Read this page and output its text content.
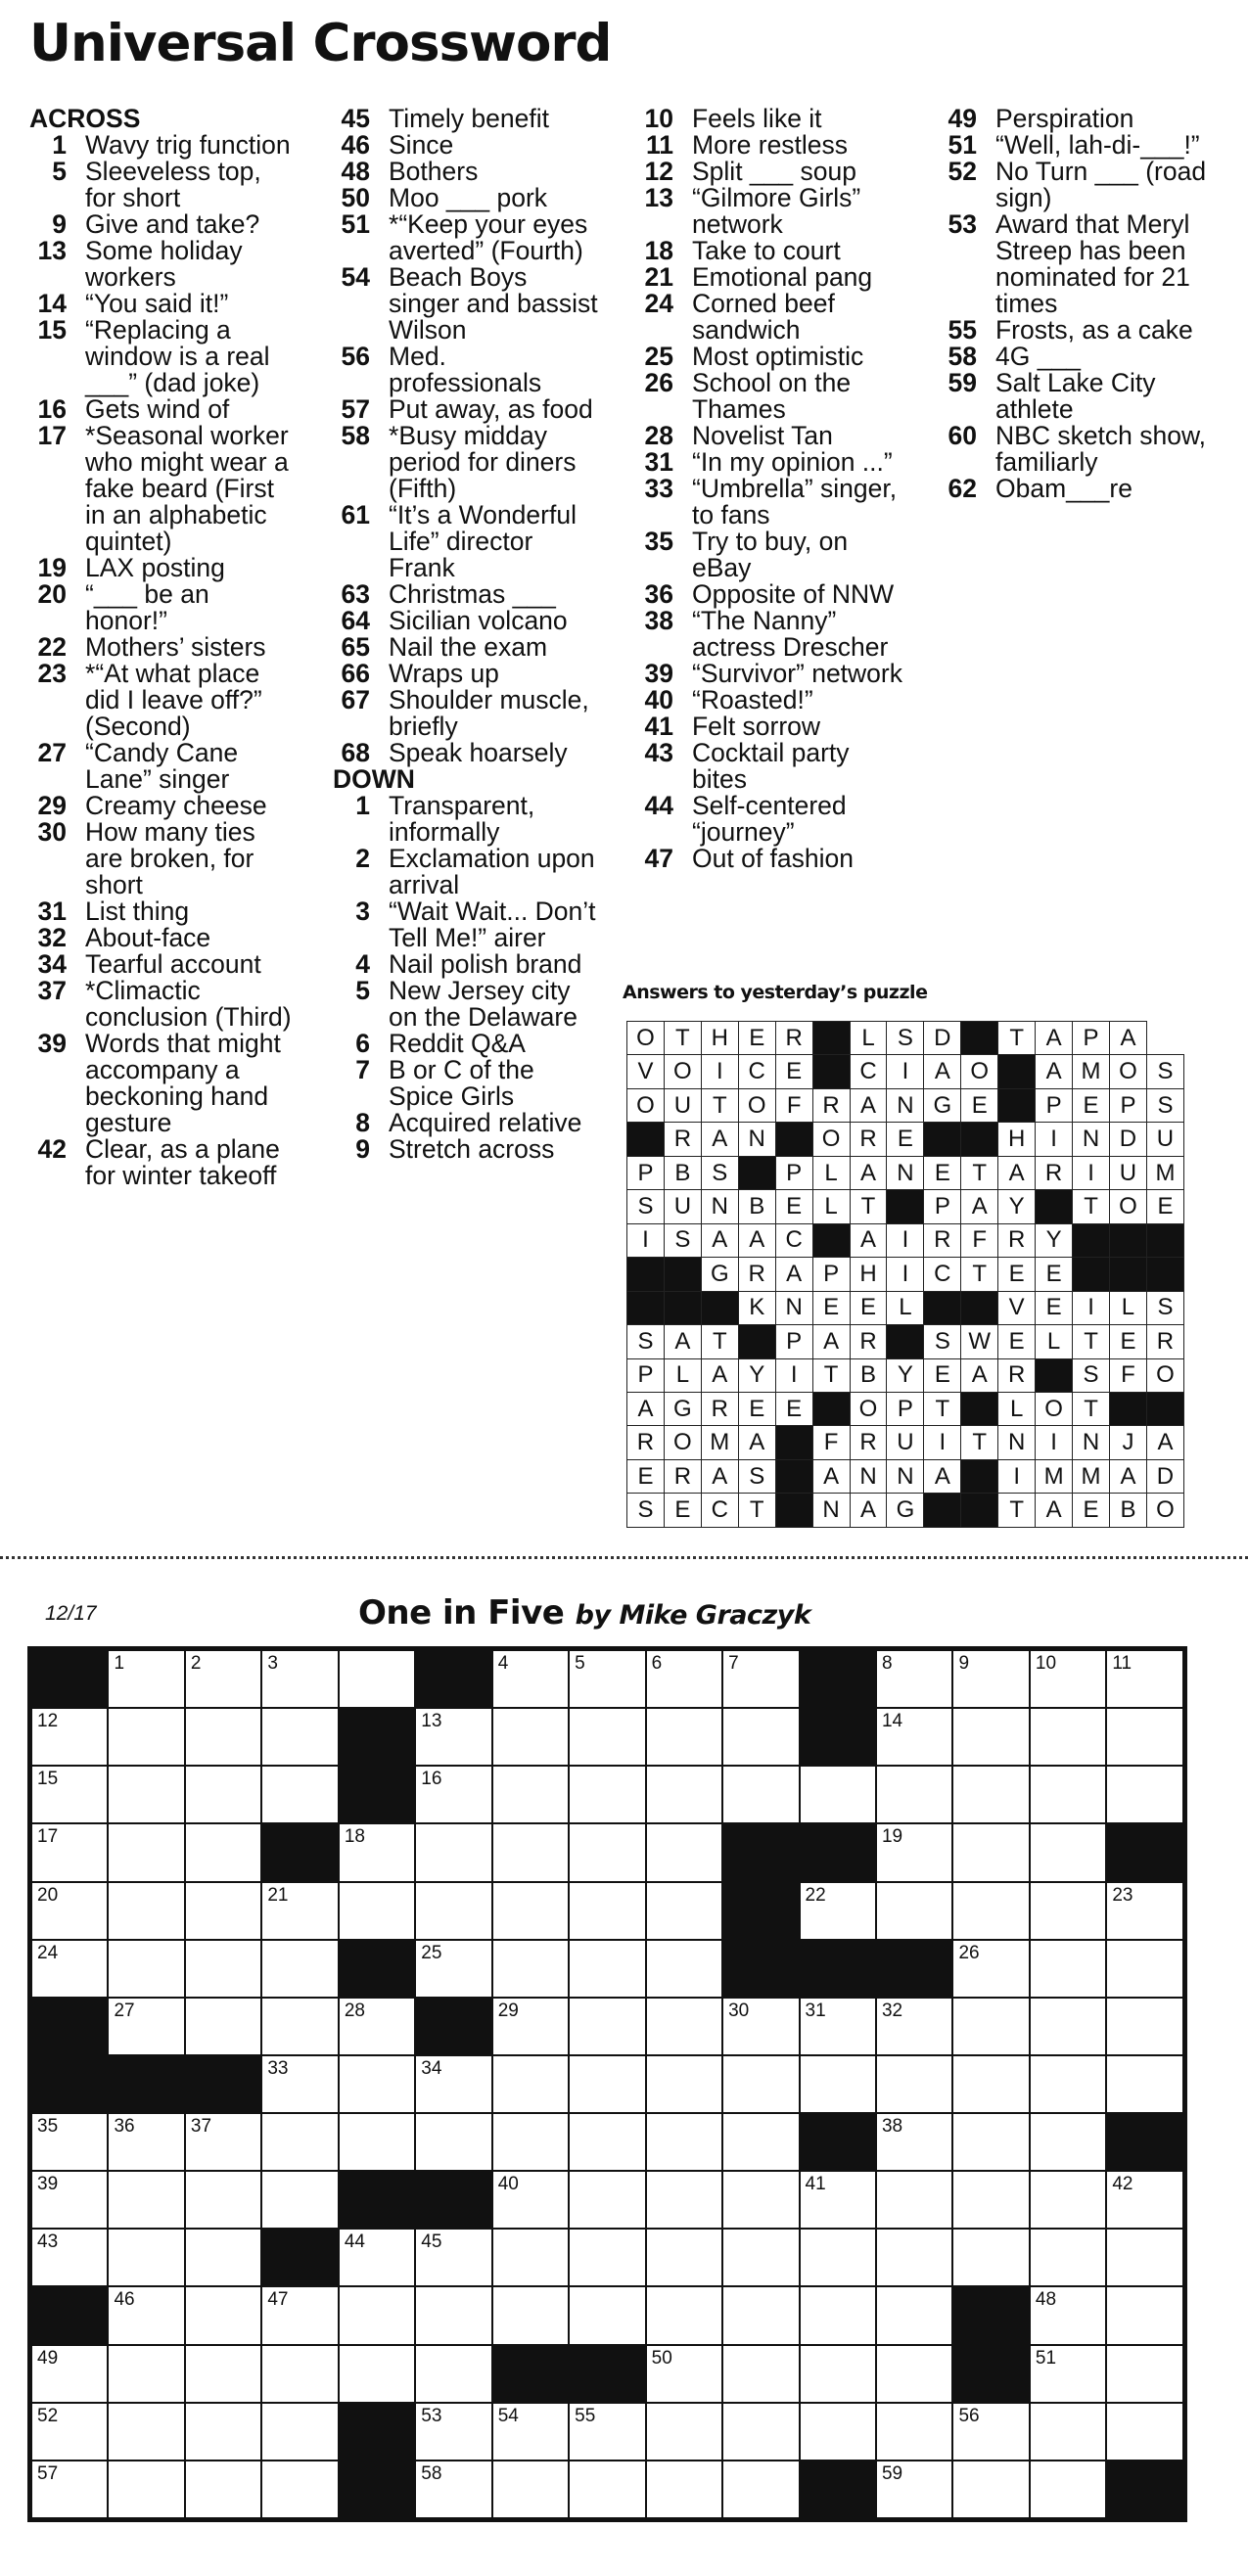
Universal Crossword
ACROSS
1 Wavy trig function
5 Sleeveless top, for short
9 Give and take?
13 Some holiday workers
14 “You said it!”
15 “Replacing a window is a real ___” (dad joke)
16 Gets wind of
17 *Seasonal worker who might wear a fake beard (First in an alphabetic quintet)
19 LAX posting
20 “___ be an honor!”
22 Mothers’ sisters
23 *“At what place did I leave off?” (Second)
27 “Candy Cane Lane” singer
29 Creamy cheese
30 How many ties are broken, for short
31 List thing
32 About-face
34 Tearful account
37 *Climactic conclusion (Third)
39 Words that might accompany a beckoning hand gesture
42 Clear, as a plane for winter takeoff
45 Timely benefit
46 Since
48 Bothers
50 Moo ___ pork
51 *“Keep your eyes averted” (Fourth)
54 Beach Boys singer and bassist Wilson
56 Med. professionals
57 Put away, as food
58 *Busy midday period for diners (Fifth)
61 “It’s a Wonderful Life” director Frank
63 Christmas ___
64 Sicilian volcano
65 Nail the exam
66 Wraps up
67 Shoulder muscle, briefly
68 Speak hoarsely
DOWN
1 Transparent, informally
2 Exclamation upon arrival
3 “Wait Wait... Don’t Tell Me!” airer
4 Nail polish brand
5 New Jersey city on the Delaware
6 Reddit Q&A
7 B or C of the Spice Girls
8 Acquired relative
9 Stretch across
10 Feels like it
11 More restless
12 Split ___ soup
13 “Gilmore Girls” network
18 Take to court
21 Emotional pang
24 Corned beef sandwich
25 Most optimistic
26 School on the Thames
28 Novelist Tan
31 “In my opinion ...”
33 “Umbrella” singer, to fans
35 Try to buy, on eBay
36 Opposite of NNW
38 “The Nanny” actress Drescher
39 “Survivor” network
40 “Roasted!”
41 Felt sorrow
43 Cocktail party bites
44 Self-centered “journey”
47 Out of fashion
49 Perspiration
51 “Well, lah-di-___!”
52 No Turn ___ (road sign)
53 Award that Meryl Streep has been nominated for 21 times
55 Frosts, as a cake
58 4G ___
59 Salt Lake City athlete
60 NBC sketch show, familiarly
62 Obam___re
Answers to yesterday’s puzzle
O	T	H	E	R		L	S	D		T	A	P	A	
V	O	I	C	E		C	I	A	O		A	M	O	S
O	U	T	O	F	R	A	N	G	E		P	E	P	S
	R	A	N		O	R	E			H	I	N	D	U
P	B	S		P	L	A	N	E	T	A	R	I	U	M
S	U	N	B	E	L	T		P	A	Y		T	O	E
I	S	A	A	C		A	I	R	F	R	Y			
		G	R	A	P	H	I	C	T	E	E			
			K	N	E	E	L			V	E	I	L	S
S	A	T		P	A	R		S	W	E	L	T	E	R
P	L	A	Y	I	T	B	Y	E	A	R		S	F	O
A	G	R	E	E		O	P	T		L	O	T		
R	O	M	A		F	R	U	I	T	N	I	N	J	A
E	R	A	S		A	N	N	A		I	M	M	A	D
S	E	C	T		N	A	G			T	A	E	B	O
12/17	One in Five by Mike Graczyk

	1	2	3			4	5	6	7		8	9	10	11

12					13						14			

15					16									

17				18							19			

20			21							22				23

24					25							26		

	27			28		29			30	31	32			

			33		34									

35	36	37									38			

39						40				41				42

43				44	45									

	46		47										48	

49								50					51	

52					53	54	55					56		

57					58						59			
